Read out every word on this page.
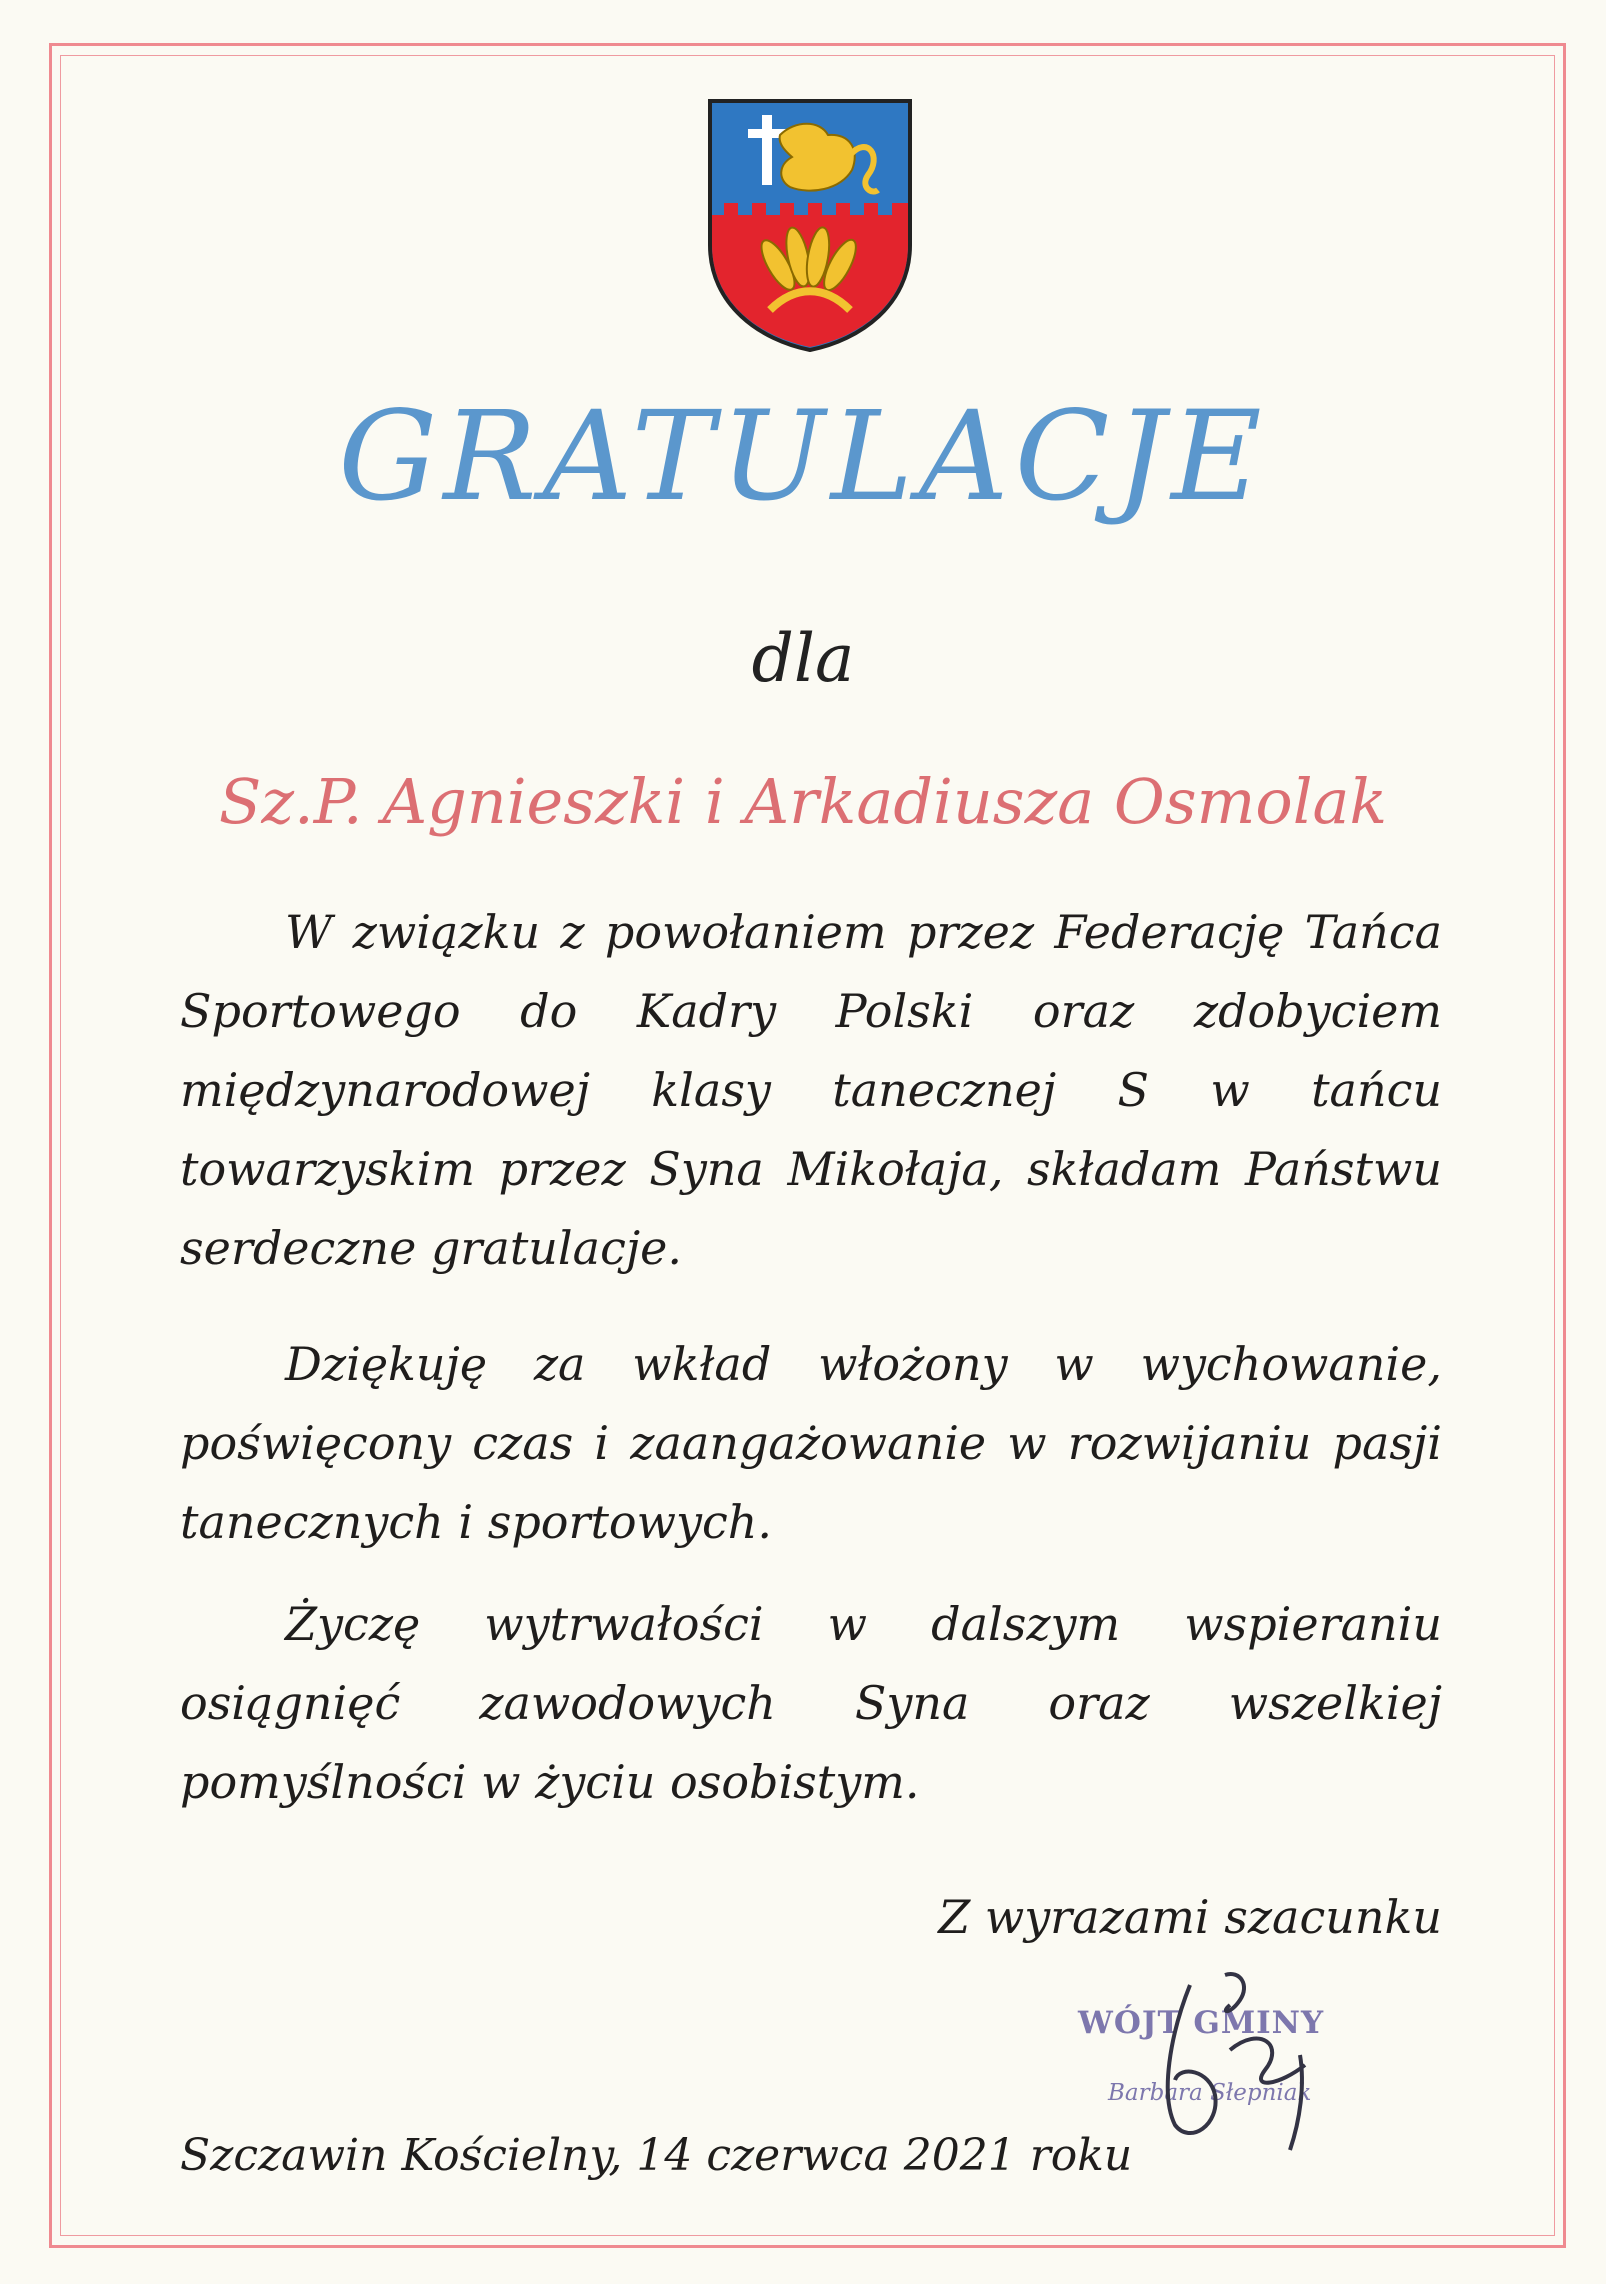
GRATULACJE
dla
Sz.P. Agnieszki i Arkadiusza Osmolak

W związku z powołaniem przez Federację Tańca Sportowego do Kadry Polski oraz zdobyciem międzynarodowej klasy tanecznej S w tańcu towarzyskim przez Syna Mikołaja, składam Państwu serdeczne gratulacje.

Dziękuję za wkład włożony w wychowanie, poświęcony czas i zaangażowanie w rozwijaniu pasji tanecznych i sportowych.

Życzę wytrwałości w dalszym wspieraniu osiągnięć zawodowych Syna oraz wszelkiej pomyślności w życiu osobistym.

Z wyrazami szacunku
WÓJT GMINY
Barbara Słepniak
Szczawin Kościelny, 14 czerwca 2021 roku
